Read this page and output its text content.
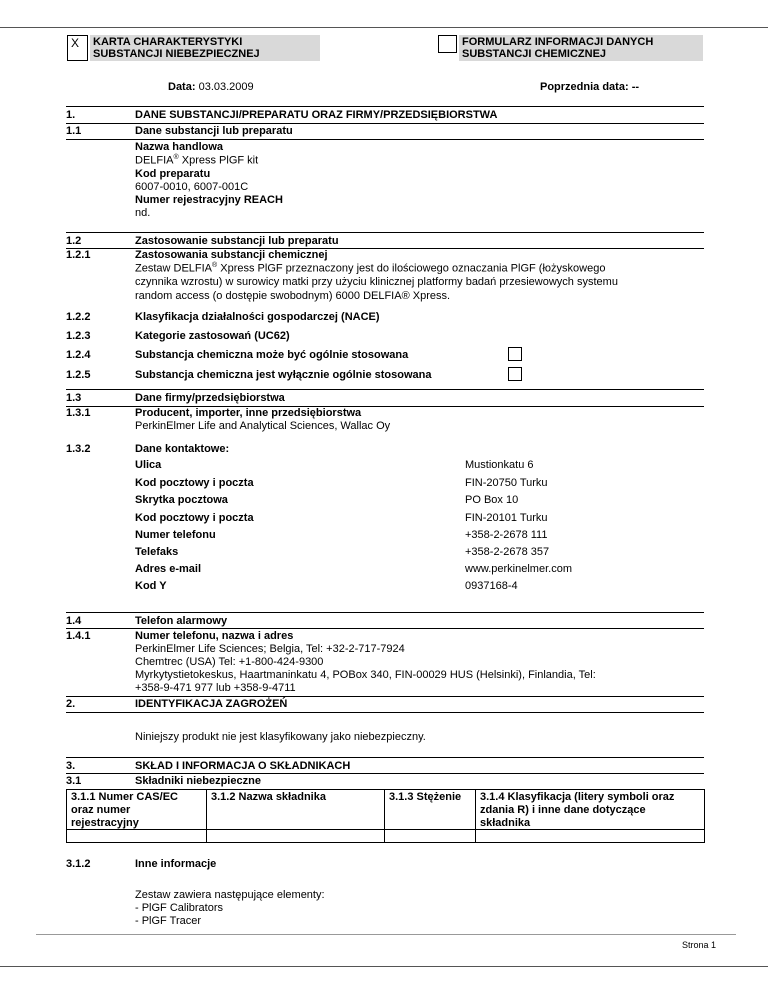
X KARTA CHARAKTERYSTYKI
SUBSTANCJI NIEBEZPIECZNEJ
FORMULARZ INFORMACJI DANYCH
SUBSTANCJI CHEMICZNEJ
Data: 03.03.2009	Poprzednia data: --
1.	DANE SUBSTANCJI/PREPARATU ORAZ FIRMY/PRZEDSIĘBIORSTWA
1.1	Dane substancji lub preparatu
Nazwa handlowa
DELFIA® Xpress PlGF kit
Kod preparatu
6007-0010, 6007-001C
Numer rejestracyjny REACH
nd.
1.2	Zastosowanie substancji lub preparatu
1.2.1	Zastosowania substancji chemicznej
Zestaw DELFIA® Xpress PlGF przeznaczony jest do ilościowego oznaczania PlGF (łożyskowego
czynnika wzrostu) w surowicy matki przy użyciu klinicznej platformy badań przesiewowych systemu
random access (o dostępie swobodnym) 6000 DELFIA® Xpress.
1.2.2	Klasyfikacja działalności gospodarczej (NACE)
1.2.3	Kategorie zastosowań (UC62)
1.2.4	Substancja chemiczna może być ogólnie stosowana
1.2.5	Substancja chemiczna jest wyłącznie ogólnie stosowana
1.3	Dane firmy/przedsiębiorstwa
1.3.1	Producent, importer, inne przedsiębiorstwa
PerkinElmer Life and Analytical Sciences, Wallac Oy
1.3.2	Dane kontaktowe:
Ulica	Mustionkatu 6
Kod pocztowy i poczta	FIN-20750 Turku
Skrytka pocztowa	PO Box 10
Kod pocztowy i poczta	FIN-20101 Turku
Numer telefonu	+358-2-2678 111
Telefaks	+358-2-2678 357
Adres e-mail	www.perkinelmer.com
Kod Y	0937168-4
1.4	Telefon alarmowy
1.4.1	Numer telefonu, nazwa i adres
PerkinElmer Life Sciences; Belgia, Tel: +32-2-717-7924
Chemtrec (USA) Tel: +1-800-424-9300
Myrkytystietokeskus, Haartmaninkatu 4, POBox 340, FIN-00029 HUS (Helsinki), Finlandia, Tel:
+358-9-471 977 lub +358-9-4711
2.	IDENTYFIKACJA ZAGROŻEŃ
Niniejszy produkt nie jest klasyfikowany jako niebezpieczny.
3.	SKŁAD I INFORMACJA O SKŁADNIKACH
3.1	Składniki niebezpieczne
3.1.1 Numer CAS/EC
oraz numer
rejestracyjny
3.1.2 Nazwa składnika	3.1.3 Stężenie	3.1.4 Klasyfikacja (litery symboli oraz
zdania R) i inne dane dotyczące
składnika
3.1.2	Inne informacje
Zestaw zawiera następujące elementy:
- PlGF Calibrators
- PlGF Tracer
Strona 1
